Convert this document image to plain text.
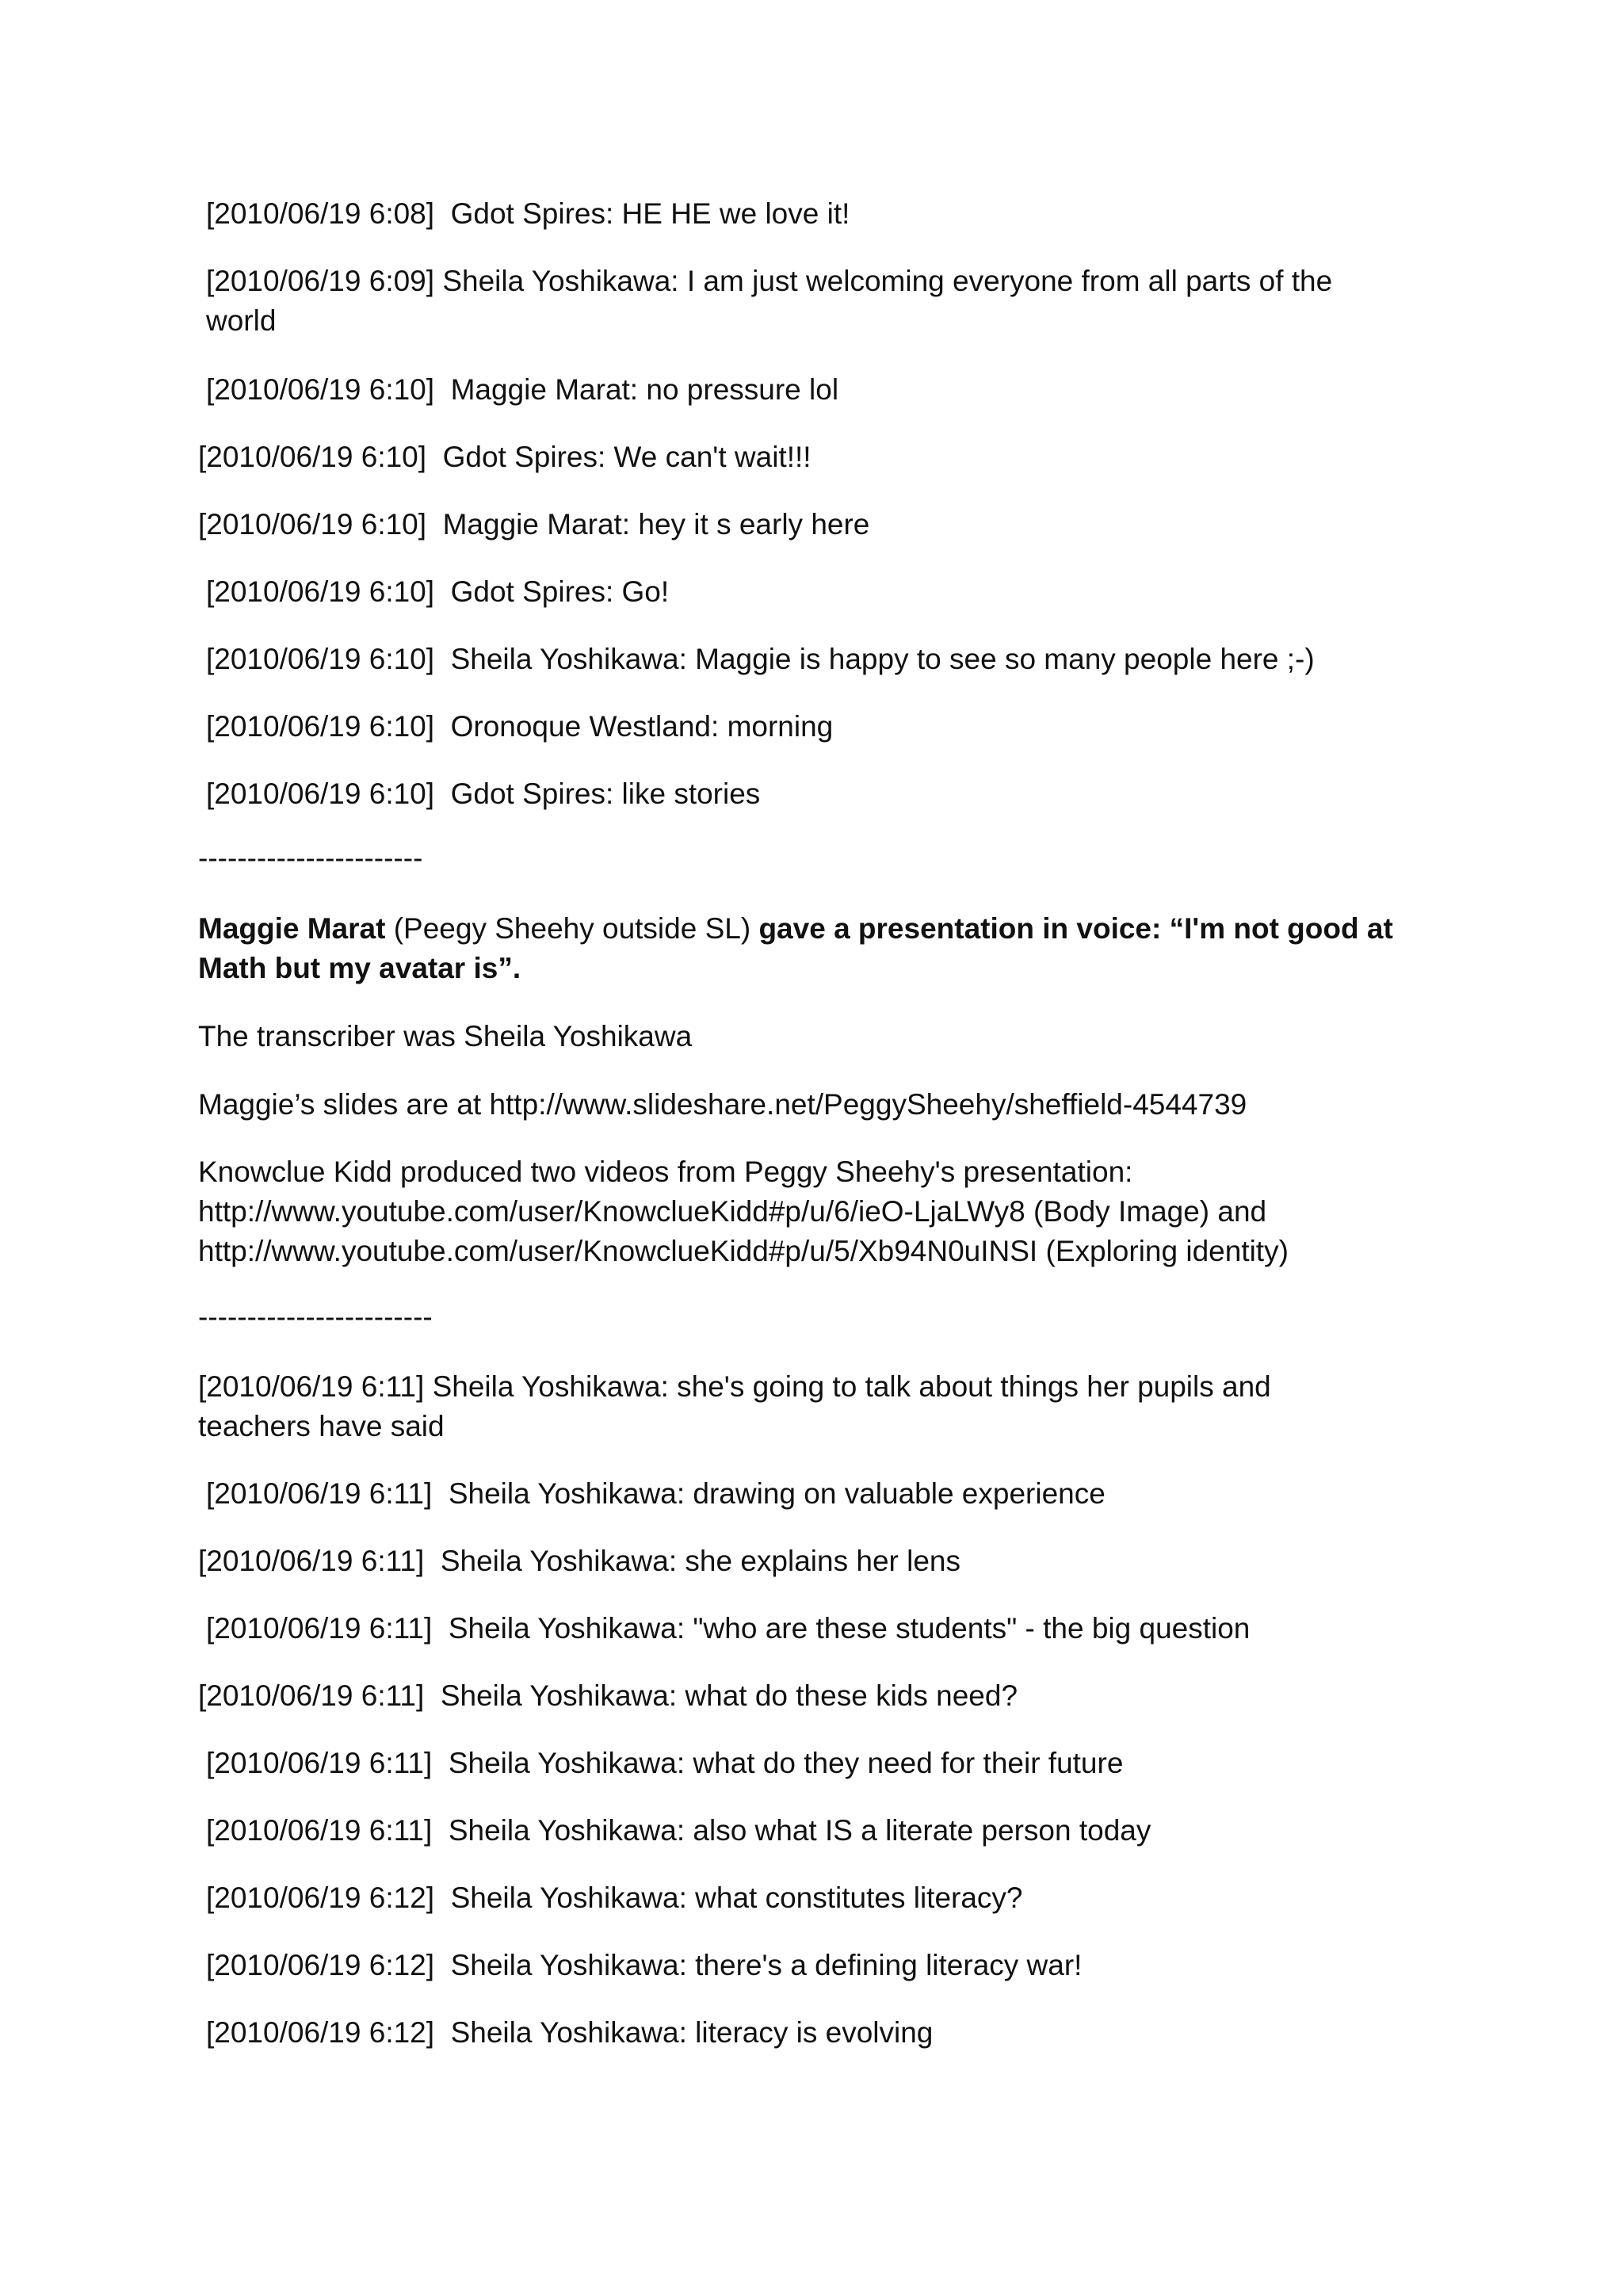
[2010/06/19 6:08]  Gdot Spires: HE HE we love it!
[2010/06/19 6:09] Sheila Yoshikawa: I am just welcoming everyone from all parts of the world
[2010/06/19 6:10]  Maggie Marat: no pressure lol
[2010/06/19 6:10]  Gdot Spires: We can't wait!!!
[2010/06/19 6:10]  Maggie Marat: hey it s early here
[2010/06/19 6:10]  Gdot Spires: Go!
[2010/06/19 6:10]  Sheila Yoshikawa: Maggie is happy to see so many people here ;-)
[2010/06/19 6:10]  Oronoque Westland: morning
[2010/06/19 6:10]  Gdot Spires: like stories
-----------------------
Maggie Marat (Peegy Sheehy outside SL) gave a presentation in voice: “I'm not good at Math but my avatar is”.
The transcriber was Sheila Yoshikawa
Maggie’s slides are at http://www.slideshare.net/PeggySheehy/sheffield-4544739
Knowclue Kidd produced two videos from Peggy Sheehy's presentation:
http://www.youtube.com/user/KnowclueKidd#p/u/6/ieO-LjaLWy8 (Body Image) and
http://www.youtube.com/user/KnowclueKidd#p/u/5/Xb94N0uINSI (Exploring identity)
------------------------
[2010/06/19 6:11] Sheila Yoshikawa: she's going to talk about things her pupils and teachers have said
[2010/06/19 6:11]  Sheila Yoshikawa: drawing on valuable experience
[2010/06/19 6:11]  Sheila Yoshikawa: she explains her lens
[2010/06/19 6:11]  Sheila Yoshikawa: "who are these students" - the big question
[2010/06/19 6:11]  Sheila Yoshikawa: what do these kids need?
[2010/06/19 6:11]  Sheila Yoshikawa: what do they need for their future
[2010/06/19 6:11]  Sheila Yoshikawa: also what IS a literate person today
[2010/06/19 6:12]  Sheila Yoshikawa: what constitutes literacy?
[2010/06/19 6:12]  Sheila Yoshikawa: there's a defining literacy war!
[2010/06/19 6:12]  Sheila Yoshikawa: literacy is evolving
